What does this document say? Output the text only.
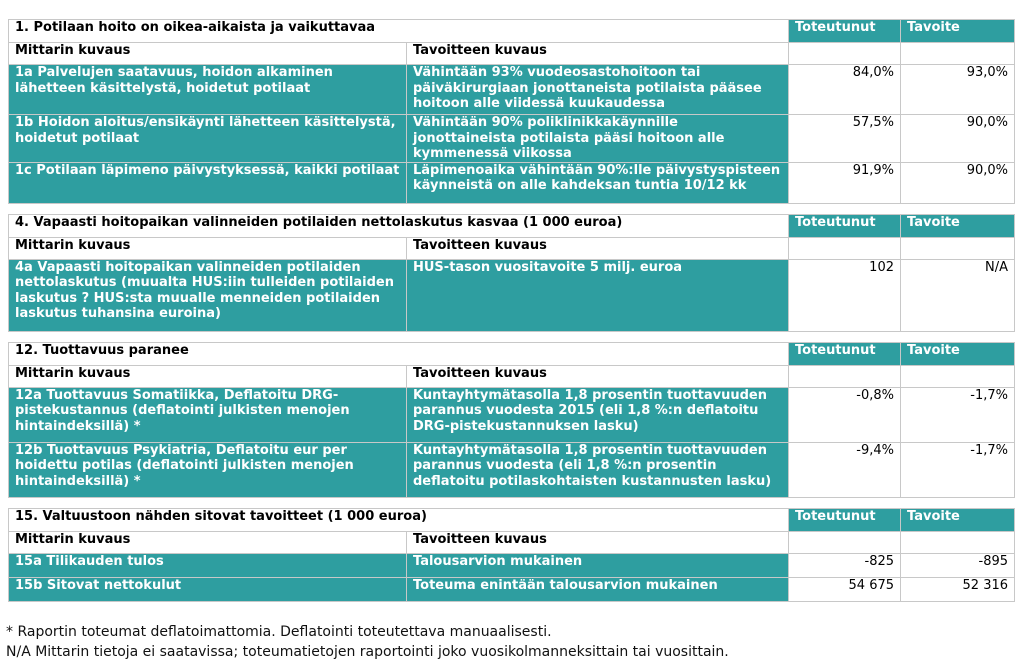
1. Potilaan hoito on oikea-aikaista ja vaikuttavaa		Toteutunut	Tavoite
Mittarin kuvaus	Tavoitteen kuvaus		
1a Palvelujen saatavuus, hoidon alkaminen lähetteen käsittelystä, hoidetut potilaat	Vähintään 93% vuodeosastohoitoon tai päiväkirurgiaan jonottaneista potilaista pääsee hoitoon alle viidessä kuukaudessa	84,0%	93,0%
1b Hoidon aloitus/ensikäynti lähetteen käsittelystä, hoidetut potilaat	Vähintään 90% poliklinikkakäynnille jonottaineista potilaista pääsi hoitoon alle kymmenessä viikossa	57,5%	90,0%
1c Potilaan läpimeno päivystyksessä, kaikki potilaat	Läpimenoaika vähintään 90%:lle päivystyspisteen käynneistä on alle kahdeksan tuntia 10/12 kk	91,9%	90,0%
4. Vapaasti hoitopaikan valinneiden potilaiden nettolaskutus kasvaa (1 000 euroa)		Toteutunut	Tavoite
Mittarin kuvaus	Tavoitteen kuvaus		
4a Vapaasti hoitopaikan valinneiden potilaiden nettolaskutus (muualta HUS:iin tulleiden potilaiden laskutus ? HUS:sta muualle menneiden potilaiden laskutus tuhansina euroina)	HUS-tason vuositavoite 5 milj. euroa	102	N/A
12. Tuottavuus paranee		Toteutunut	Tavoite
Mittarin kuvaus	Tavoitteen kuvaus		
12a Tuottavuus Somatiikka, Deflatoitu DRG-pistekustannus (deflatointi julkisten menojen hintaindeksillä) *	Kuntayhtymätasolla 1,8 prosentin tuottavuuden parannus vuodesta 2015 (eli 1,8 %:n deflatoitu DRG-pistekustannuksen lasku)	-0,8%	-1,7%
12b Tuottavuus Psykiatria, Deflatoitu eur per hoidettu potilas (deflatointi julkisten menojen hintaindeksillä) *	Kuntayhtymätasolla 1,8 prosentin tuottavuuden parannus vuodesta (eli 1,8 %:n prosentin deflatoitu potilaskohtaisten kustannusten lasku)	-9,4%	-1,7%
15. Valtuustoon nähden sitovat tavoitteet (1 000 euroa)		Toteutunut	Tavoite
Mittarin kuvaus	Tavoitteen kuvaus		
15a Tilikauden tulos	Talousarvion mukainen	-825	-895
15b Sitovat nettokulut	Toteuma enintään talousarvion mukainen	54 675	52 316
* Raportin toteumat deflatoimattomia. Deflatointi toteutettava manuaalisesti.
N/A Mittarin tietoja ei saatavissa; toteumatietojen raportointi joko vuosikolmanneksittain tai vuosittain.
